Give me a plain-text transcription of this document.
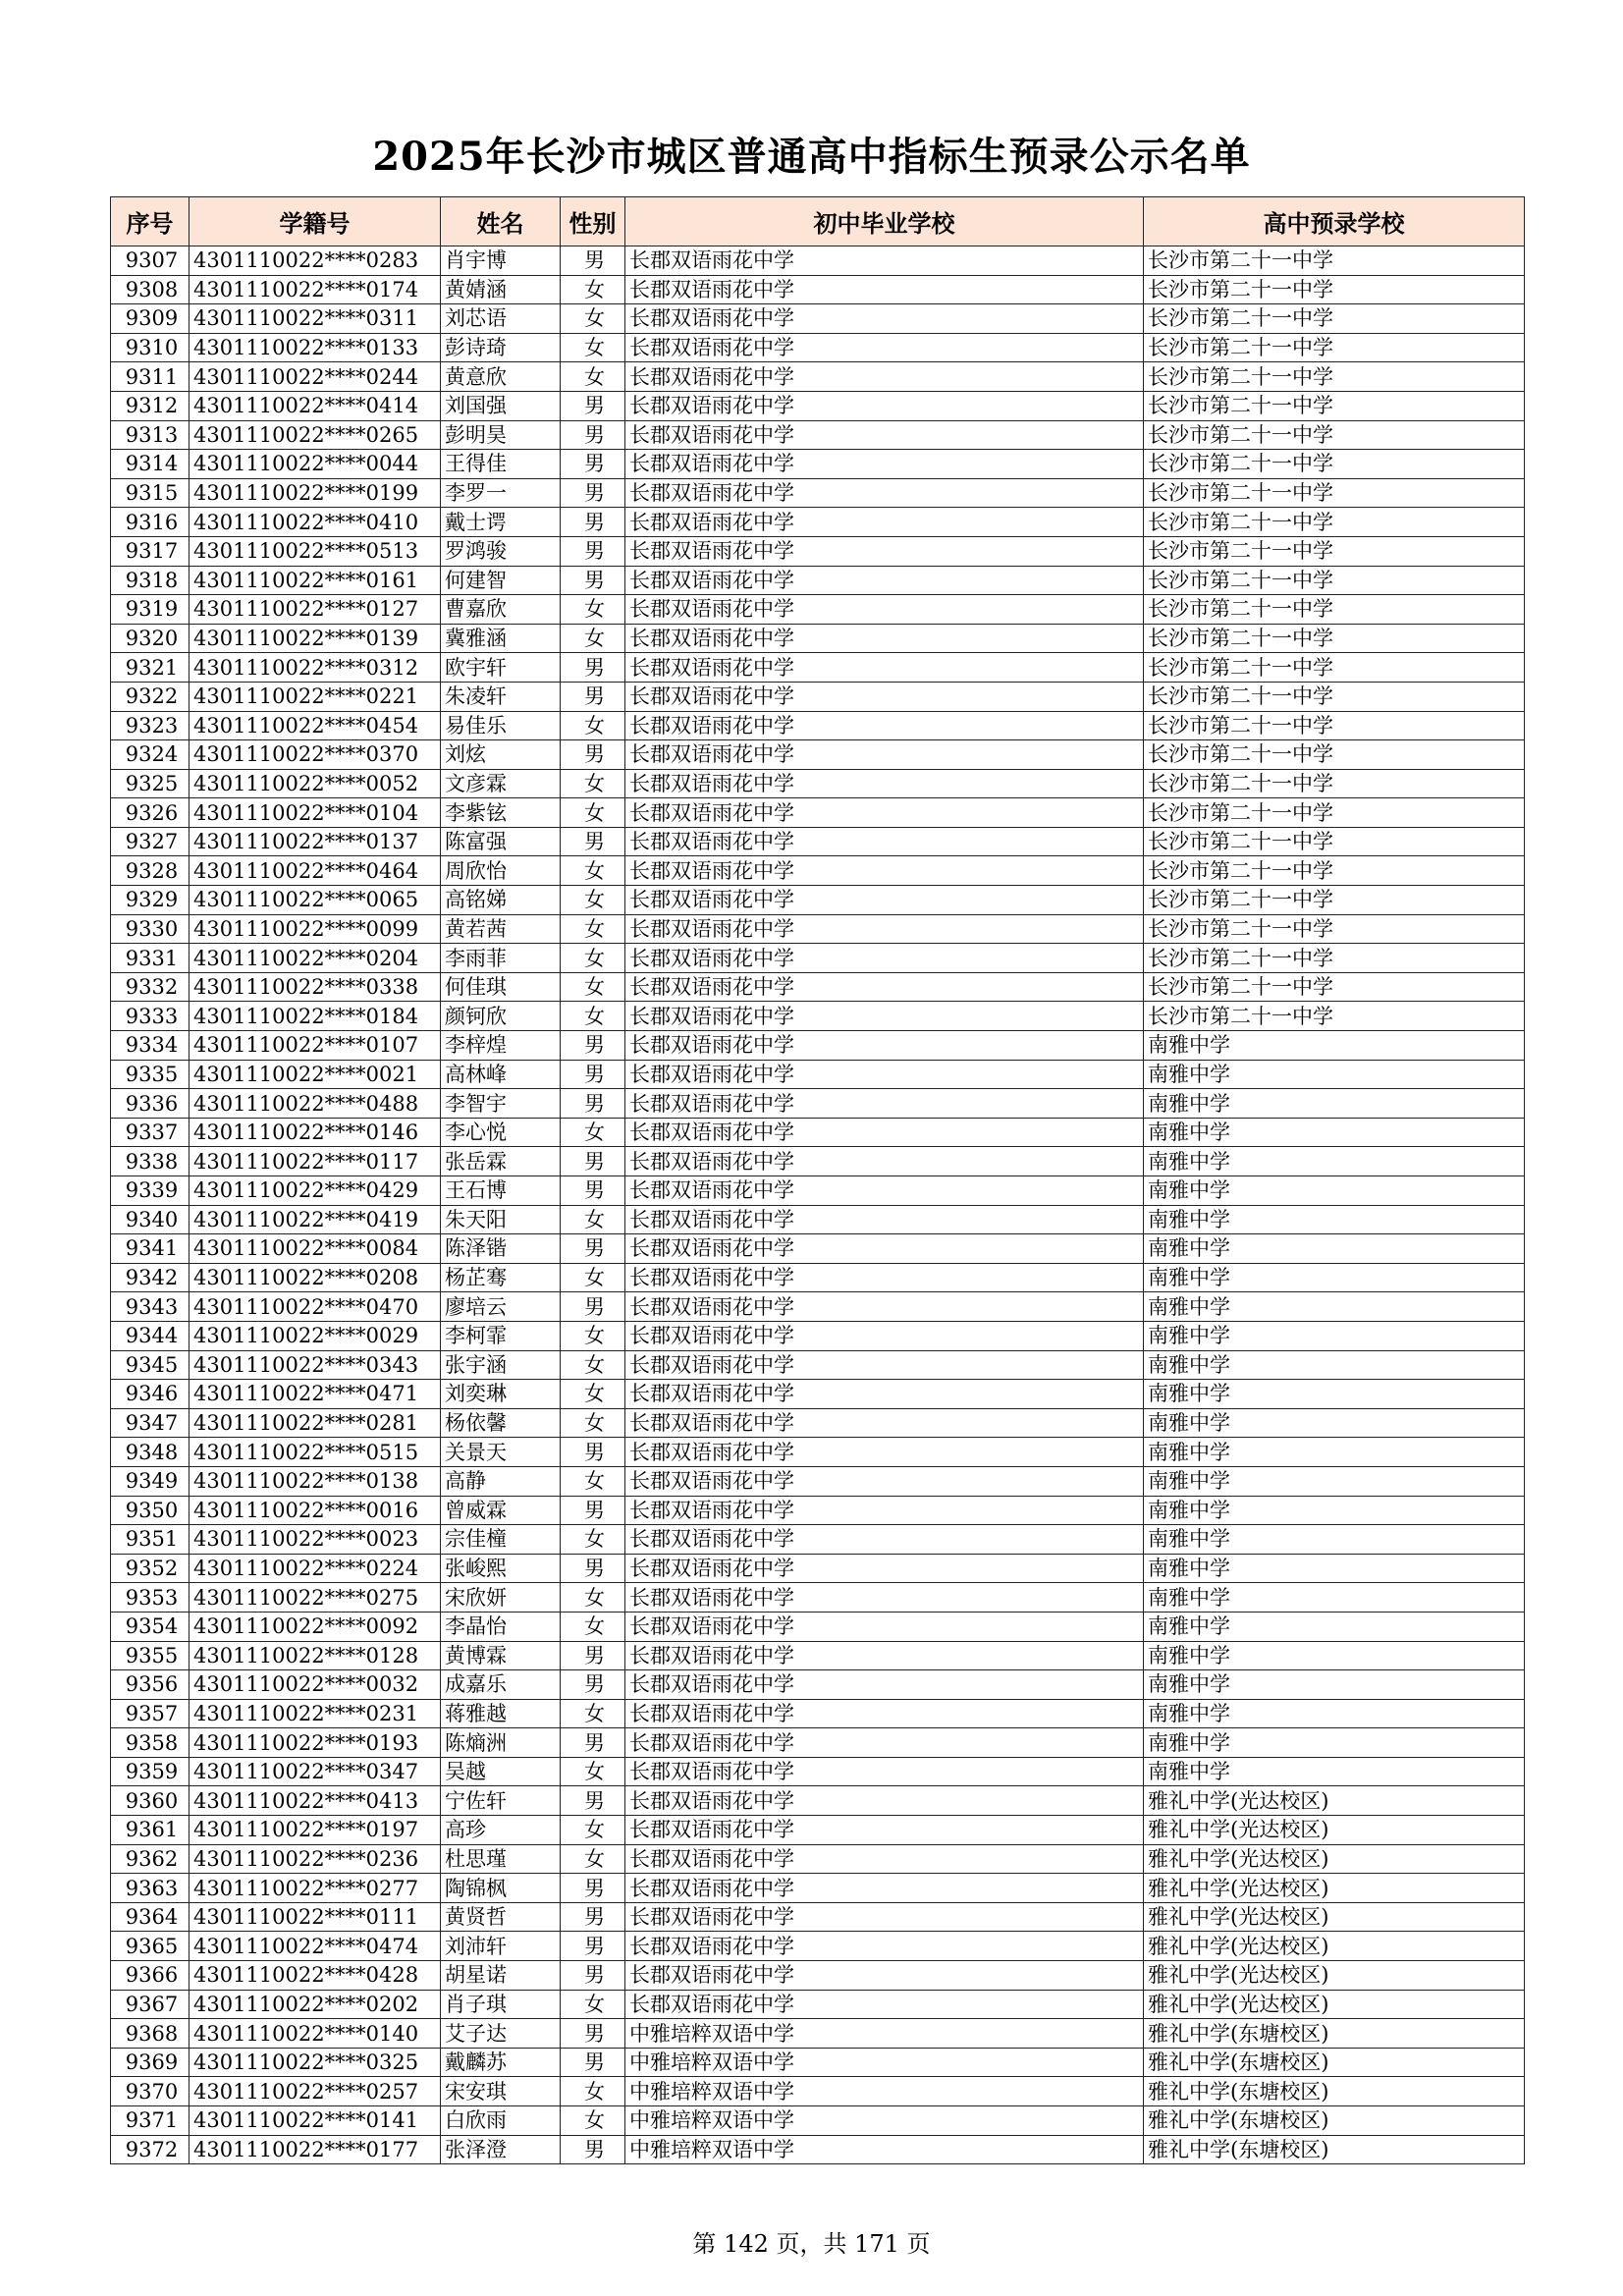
2025年长沙市城区普通高中指标生预录公示名单
序号	学籍号	姓名	性别	初中毕业学校	高中预录学校
9307	4301110022****0283	肖宇博	男	长郡双语雨花中学	长沙市第二十一中学
9308	4301110022****0174	黄婧涵	女	长郡双语雨花中学	长沙市第二十一中学
9309	4301110022****0311	刘芯语	女	长郡双语雨花中学	长沙市第二十一中学
9310	4301110022****0133	彭诗琦	女	长郡双语雨花中学	长沙市第二十一中学
9311	4301110022****0244	黄意欣	女	长郡双语雨花中学	长沙市第二十一中学
9312	4301110022****0414	刘国强	男	长郡双语雨花中学	长沙市第二十一中学
9313	4301110022****0265	彭明昊	男	长郡双语雨花中学	长沙市第二十一中学
9314	4301110022****0044	王得佳	男	长郡双语雨花中学	长沙市第二十一中学
9315	4301110022****0199	李罗一	男	长郡双语雨花中学	长沙市第二十一中学
9316	4301110022****0410	戴士谔	男	长郡双语雨花中学	长沙市第二十一中学
9317	4301110022****0513	罗鸿骏	男	长郡双语雨花中学	长沙市第二十一中学
9318	4301110022****0161	何建智	男	长郡双语雨花中学	长沙市第二十一中学
9319	4301110022****0127	曹嘉欣	女	长郡双语雨花中学	长沙市第二十一中学
9320	4301110022****0139	冀雅涵	女	长郡双语雨花中学	长沙市第二十一中学
9321	4301110022****0312	欧宇轩	男	长郡双语雨花中学	长沙市第二十一中学
9322	4301110022****0221	朱凌轩	男	长郡双语雨花中学	长沙市第二十一中学
9323	4301110022****0454	易佳乐	女	长郡双语雨花中学	长沙市第二十一中学
9324	4301110022****0370	刘炫	男	长郡双语雨花中学	长沙市第二十一中学
9325	4301110022****0052	文彦霖	女	长郡双语雨花中学	长沙市第二十一中学
9326	4301110022****0104	李紫铉	女	长郡双语雨花中学	长沙市第二十一中学
9327	4301110022****0137	陈富强	男	长郡双语雨花中学	长沙市第二十一中学
9328	4301110022****0464	周欣怡	女	长郡双语雨花中学	长沙市第二十一中学
9329	4301110022****0065	高铭娣	女	长郡双语雨花中学	长沙市第二十一中学
9330	4301110022****0099	黄若茜	女	长郡双语雨花中学	长沙市第二十一中学
9331	4301110022****0204	李雨菲	女	长郡双语雨花中学	长沙市第二十一中学
9332	4301110022****0338	何佳琪	女	长郡双语雨花中学	长沙市第二十一中学
9333	4301110022****0184	颜钶欣	女	长郡双语雨花中学	长沙市第二十一中学
9334	4301110022****0107	李梓煌	男	长郡双语雨花中学	南雅中学
9335	4301110022****0021	高林峰	男	长郡双语雨花中学	南雅中学
9336	4301110022****0488	李智宇	男	长郡双语雨花中学	南雅中学
9337	4301110022****0146	李心悦	女	长郡双语雨花中学	南雅中学
9338	4301110022****0117	张岳霖	男	长郡双语雨花中学	南雅中学
9339	4301110022****0429	王石博	男	长郡双语雨花中学	南雅中学
9340	4301110022****0419	朱天阳	女	长郡双语雨花中学	南雅中学
9341	4301110022****0084	陈泽锴	男	长郡双语雨花中学	南雅中学
9342	4301110022****0208	杨芷骞	女	长郡双语雨花中学	南雅中学
9343	4301110022****0470	廖培云	男	长郡双语雨花中学	南雅中学
9344	4301110022****0029	李柯霏	女	长郡双语雨花中学	南雅中学
9345	4301110022****0343	张宇涵	女	长郡双语雨花中学	南雅中学
9346	4301110022****0471	刘奕琳	女	长郡双语雨花中学	南雅中学
9347	4301110022****0281	杨依馨	女	长郡双语雨花中学	南雅中学
9348	4301110022****0515	关景天	男	长郡双语雨花中学	南雅中学
9349	4301110022****0138	高静	女	长郡双语雨花中学	南雅中学
9350	4301110022****0016	曾威霖	男	长郡双语雨花中学	南雅中学
9351	4301110022****0023	宗佳橦	女	长郡双语雨花中学	南雅中学
9352	4301110022****0224	张峻熙	男	长郡双语雨花中学	南雅中学
9353	4301110022****0275	宋欣妍	女	长郡双语雨花中学	南雅中学
9354	4301110022****0092	李晶怡	女	长郡双语雨花中学	南雅中学
9355	4301110022****0128	黄博霖	男	长郡双语雨花中学	南雅中学
9356	4301110022****0032	成嘉乐	男	长郡双语雨花中学	南雅中学
9357	4301110022****0231	蒋雅越	女	长郡双语雨花中学	南雅中学
9358	4301110022****0193	陈熵洲	男	长郡双语雨花中学	南雅中学
9359	4301110022****0347	吴越	女	长郡双语雨花中学	南雅中学
9360	4301110022****0413	宁佐轩	男	长郡双语雨花中学	雅礼中学(光达校区)
9361	4301110022****0197	高珍	女	长郡双语雨花中学	雅礼中学(光达校区)
9362	4301110022****0236	杜思瑾	女	长郡双语雨花中学	雅礼中学(光达校区)
9363	4301110022****0277	陶锦枫	男	长郡双语雨花中学	雅礼中学(光达校区)
9364	4301110022****0111	黄贤哲	男	长郡双语雨花中学	雅礼中学(光达校区)
9365	4301110022****0474	刘沛轩	男	长郡双语雨花中学	雅礼中学(光达校区)
9366	4301110022****0428	胡星诺	男	长郡双语雨花中学	雅礼中学(光达校区)
9367	4301110022****0202	肖子琪	女	长郡双语雨花中学	雅礼中学(光达校区)
9368	4301110022****0140	艾子达	男	中雅培粹双语中学	雅礼中学(东塘校区)
9369	4301110022****0325	戴麟苏	男	中雅培粹双语中学	雅礼中学(东塘校区)
9370	4301110022****0257	宋安琪	女	中雅培粹双语中学	雅礼中学(东塘校区)
9371	4301110022****0141	白欣雨	女	中雅培粹双语中学	雅礼中学(东塘校区)
9372	4301110022****0177	张泽澄	男	中雅培粹双语中学	雅礼中学(东塘校区)
第 142 页，共 171 页
